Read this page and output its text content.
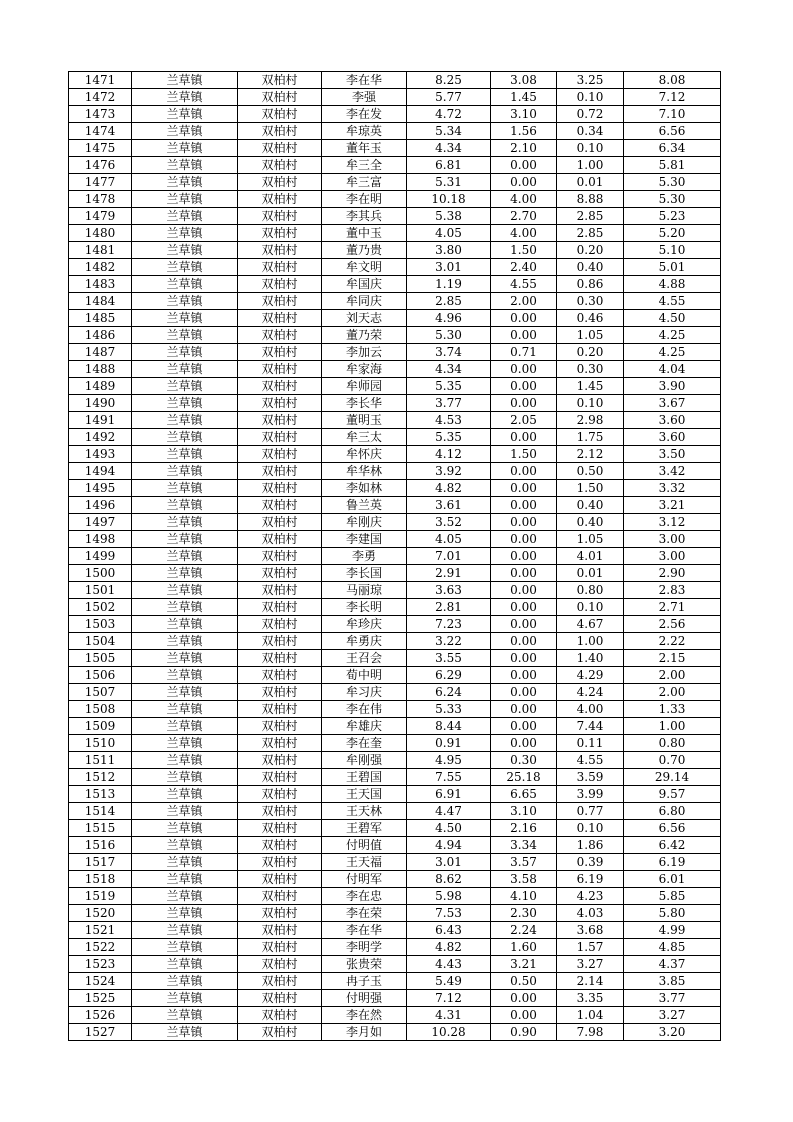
1471	兰草镇	双柏村	李在华	8.25	3.08	3.25	8.08
1472	兰草镇	双柏村	李强	5.77	1.45	0.10	7.12
1473	兰草镇	双柏村	李在发	4.72	3.10	0.72	7.10
1474	兰草镇	双柏村	牟琼英	5.34	1.56	0.34	6.56
1475	兰草镇	双柏村	董年玉	4.34	2.10	0.10	6.34
1476	兰草镇	双柏村	牟三全	6.81	0.00	1.00	5.81
1477	兰草镇	双柏村	牟三富	5.31	0.00	0.01	5.30
1478	兰草镇	双柏村	李在明	10.18	4.00	8.88	5.30
1479	兰草镇	双柏村	李其兵	5.38	2.70	2.85	5.23
1480	兰草镇	双柏村	董中玉	4.05	4.00	2.85	5.20
1481	兰草镇	双柏村	董乃贵	3.80	1.50	0.20	5.10
1482	兰草镇	双柏村	牟文明	3.01	2.40	0.40	5.01
1483	兰草镇	双柏村	牟国庆	1.19	4.55	0.86	4.88
1484	兰草镇	双柏村	牟同庆	2.85	2.00	0.30	4.55
1485	兰草镇	双柏村	刘天志	4.96	0.00	0.46	4.50
1486	兰草镇	双柏村	董乃荣	5.30	0.00	1.05	4.25
1487	兰草镇	双柏村	李加云	3.74	0.71	0.20	4.25
1488	兰草镇	双柏村	牟家海	4.34	0.00	0.30	4.04
1489	兰草镇	双柏村	牟师园	5.35	0.00	1.45	3.90
1490	兰草镇	双柏村	李长华	3.77	0.00	0.10	3.67
1491	兰草镇	双柏村	董明玉	4.53	2.05	2.98	3.60
1492	兰草镇	双柏村	牟三太	5.35	0.00	1.75	3.60
1493	兰草镇	双柏村	牟怀庆	4.12	1.50	2.12	3.50
1494	兰草镇	双柏村	牟华林	3.92	0.00	0.50	3.42
1495	兰草镇	双柏村	李如林	4.82	0.00	1.50	3.32
1496	兰草镇	双柏村	鲁兰英	3.61	0.00	0.40	3.21
1497	兰草镇	双柏村	牟刚庆	3.52	0.00	0.40	3.12
1498	兰草镇	双柏村	李建国	4.05	0.00	1.05	3.00
1499	兰草镇	双柏村	李勇	7.01	0.00	4.01	3.00
1500	兰草镇	双柏村	李长国	2.91	0.00	0.01	2.90
1501	兰草镇	双柏村	马丽琼	3.63	0.00	0.80	2.83
1502	兰草镇	双柏村	李长明	2.81	0.00	0.10	2.71
1503	兰草镇	双柏村	牟珍庆	7.23	0.00	4.67	2.56
1504	兰草镇	双柏村	牟勇庆	3.22	0.00	1.00	2.22
1505	兰草镇	双柏村	王召会	3.55	0.00	1.40	2.15
1506	兰草镇	双柏村	荀中明	6.29	0.00	4.29	2.00
1507	兰草镇	双柏村	牟习庆	6.24	0.00	4.24	2.00
1508	兰草镇	双柏村	李在伟	5.33	0.00	4.00	1.33
1509	兰草镇	双柏村	牟雄庆	8.44	0.00	7.44	1.00
1510	兰草镇	双柏村	李在奎	0.91	0.00	0.11	0.80
1511	兰草镇	双柏村	牟刚强	4.95	0.30	4.55	0.70
1512	兰草镇	双柏村	王碧国	7.55	25.18	3.59	29.14
1513	兰草镇	双柏村	王天国	6.91	6.65	3.99	9.57
1514	兰草镇	双柏村	王天林	4.47	3.10	0.77	6.80
1515	兰草镇	双柏村	王碧军	4.50	2.16	0.10	6.56
1516	兰草镇	双柏村	付明值	4.94	3.34	1.86	6.42
1517	兰草镇	双柏村	王天福	3.01	3.57	0.39	6.19
1518	兰草镇	双柏村	付明军	8.62	3.58	6.19	6.01
1519	兰草镇	双柏村	李在忠	5.98	4.10	4.23	5.85
1520	兰草镇	双柏村	李在荣	7.53	2.30	4.03	5.80
1521	兰草镇	双柏村	李在华	6.43	2.24	3.68	4.99
1522	兰草镇	双柏村	李明学	4.82	1.60	1.57	4.85
1523	兰草镇	双柏村	张贵荣	4.43	3.21	3.27	4.37
1524	兰草镇	双柏村	冉子玉	5.49	0.50	2.14	3.85
1525	兰草镇	双柏村	付明强	7.12	0.00	3.35	3.77
1526	兰草镇	双柏村	李在然	4.31	0.00	1.04	3.27
1527	兰草镇	双柏村	李月如	10.28	0.90	7.98	3.20
